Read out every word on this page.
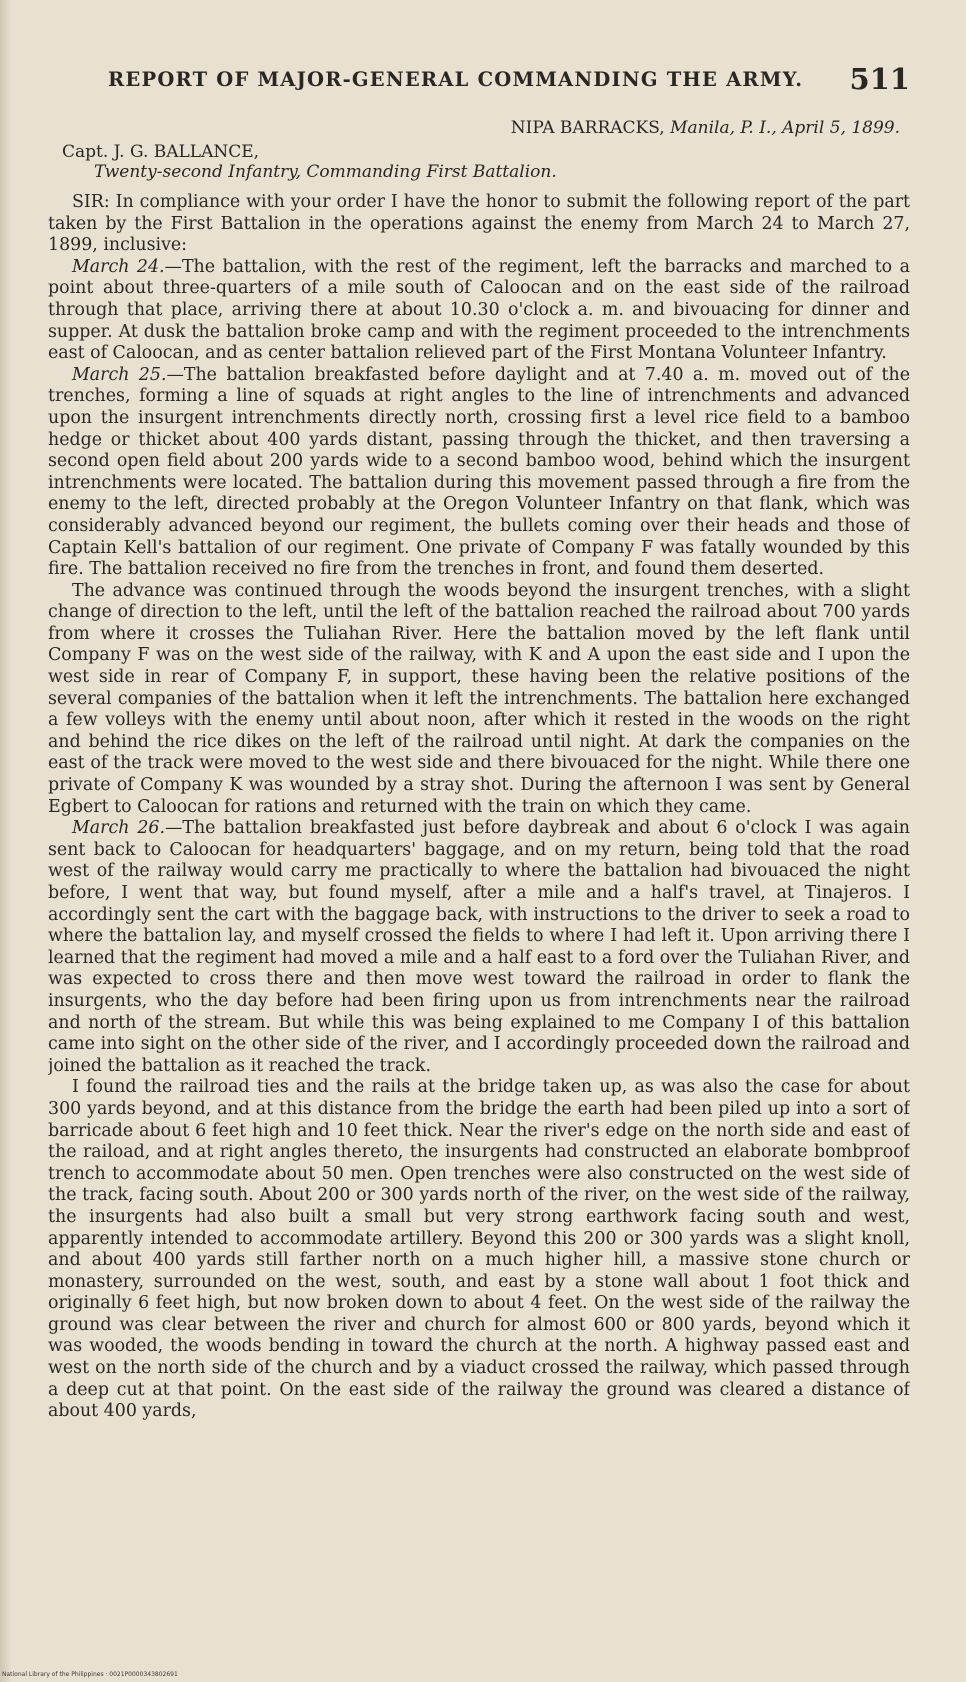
REPORT OF MAJOR-GENERAL COMMANDING THE ARMY. 511
NIPA BARRACKS, Manila, P. I., April 5, 1899.
Capt. J. G. BALLANCE,
Twenty-second Infantry, Commanding First Battalion.

SIR: In compliance with your order I have the honor to submit the following report of the part taken by the First Battalion in the operations against the enemy from March 24 to March 27, 1899, inclusive:

March 24.—The battalion, with the rest of the regiment, left the barracks and marched to a point about three-quarters of a mile south of Caloocan and on the east side of the railroad through that place, arriving there at about 10.30 o'clock a. m. and bivouacing for dinner and supper. At dusk the battalion broke camp and with the regiment proceeded to the intrenchments east of Caloocan, and as center battalion relieved part of the First Montana Volunteer Infantry.

March 25.—The battalion breakfasted before daylight and at 7.40 a. m. moved out of the trenches, forming a line of squads at right angles to the line of intrenchments and advanced upon the insurgent intrenchments directly north, crossing first a level rice field to a bamboo hedge or thicket about 400 yards distant, passing through the thicket, and then traversing a second open field about 200 yards wide to a second bamboo wood, behind which the insurgent intrenchments were located. The battalion during this movement passed through a fire from the enemy to the left, directed probably at the Oregon Volunteer Infantry on that flank, which was considerably advanced beyond our regiment, the bullets coming over their heads and those of Captain Kell's battalion of our regiment. One private of Company F was fatally wounded by this fire. The battalion received no fire from the trenches in front, and found them deserted.

The advance was continued through the woods beyond the insurgent trenches, with a slight change of direction to the left, until the left of the battalion reached the railroad about 700 yards from where it crosses the Tuliahan River. Here the battalion moved by the left flank until Company F was on the west side of the railway, with K and A upon the east side and I upon the west side in rear of Company F, in support, these having been the relative positions of the several companies of the battalion when it left the intrenchments. The battalion here exchanged a few volleys with the enemy until about noon, after which it rested in the woods on the right and behind the rice dikes on the left of the railroad until night. At dark the companies on the east of the track were moved to the west side and there bivouaced for the night. While there one private of Company K was wounded by a stray shot. During the afternoon I was sent by General Egbert to Caloocan for rations and returned with the train on which they came.

March 26.—The battalion breakfasted just before daybreak and about 6 o'clock I was again sent back to Caloocan for headquarters' baggage, and on my return, being told that the road west of the railway would carry me practically to where the battalion had bivouaced the night before, I went that way, but found myself, after a mile and a half's travel, at Tinajeros. I accordingly sent the cart with the baggage back, with instructions to the driver to seek a road to where the battalion lay, and myself crossed the fields to where I had left it. Upon arriving there I learned that the regiment had moved a mile and a half east to a ford over the Tuliahan River, and was expected to cross there and then move west toward the railroad in order to flank the insurgents, who the day before had been firing upon us from intrenchments near the railroad and north of the stream. But while this was being explained to me Company I of this battalion came into sight on the other side of the river, and I accordingly proceeded down the railroad and joined the battalion as it reached the track.

I found the railroad ties and the rails at the bridge taken up, as was also the case for about 300 yards beyond, and at this distance from the bridge the earth had been piled up into a sort of barricade about 6 feet high and 10 feet thick. Near the river's edge on the north side and east of the raiload, and at right angles thereto, the insurgents had constructed an elaborate bombproof trench to accommodate about 50 men. Open trenches were also constructed on the west side of the track, facing south. About 200 or 300 yards north of the river, on the west side of the railway, the insurgents had also built a small but very strong earthwork facing south and west, apparently intended to accommodate artillery. Beyond this 200 or 300 yards was a slight knoll, and about 400 yards still farther north on a much higher hill, a massive stone church or monastery, surrounded on the west, south, and east by a stone wall about 1 foot thick and originally 6 feet high, but now broken down to about 4 feet. On the west side of the railway the ground was clear between the river and church for almost 600 or 800 yards, beyond which it was wooded, the woods bending in toward the church at the north. A highway passed east and west on the north side of the church and by a viaduct crossed the railway, which passed through a deep cut at that point. On the east side of the railway the ground was cleared a distance of about 400 yards,

National Library of the Philippines · 0021P0000343802691
